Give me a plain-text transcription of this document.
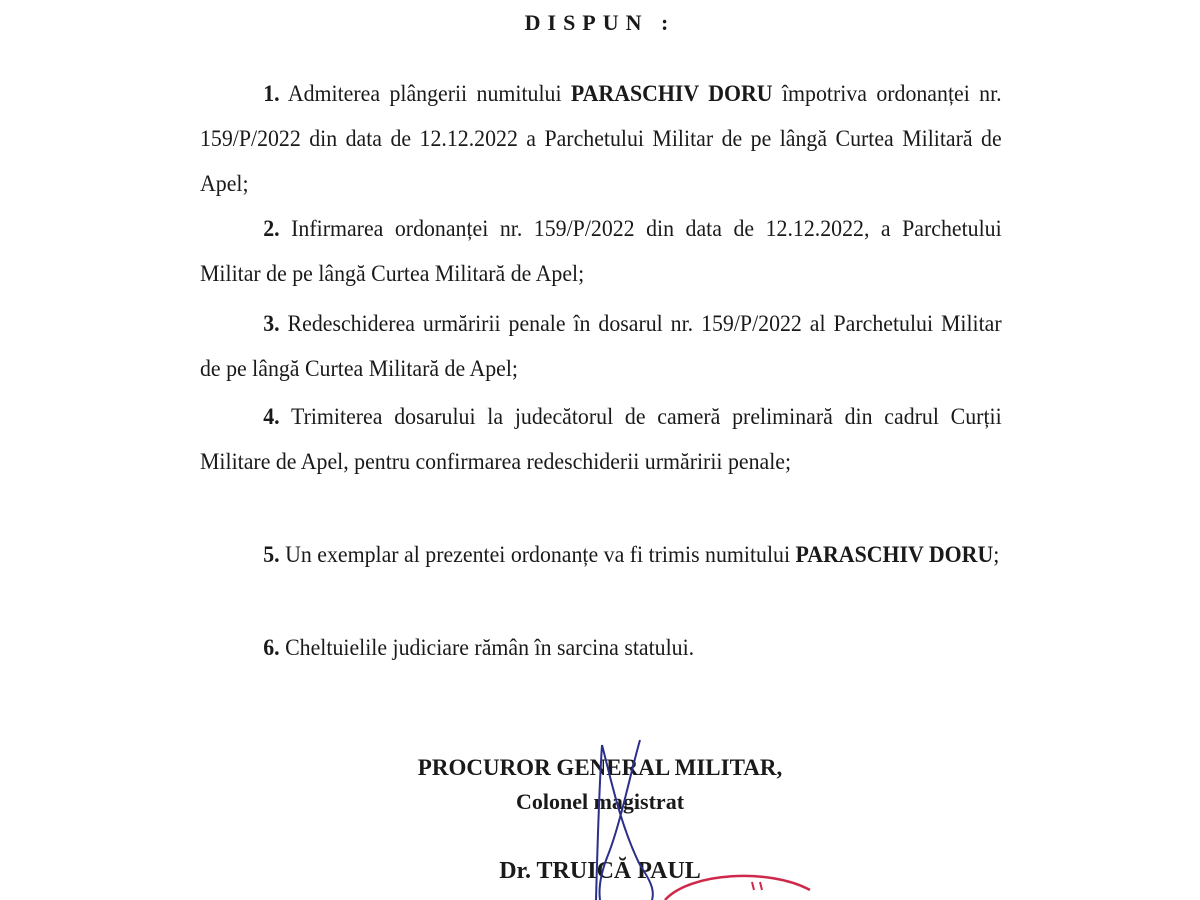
DISPUN :
1. Admiterea plângerii numitului PARASCHIV DORU împotriva ordonanței nr. 159/P/2022 din data de 12.12.2022 a Parchetului Militar de pe lângă Curtea Militară de Apel;
2. Infirmarea ordonanței nr. 159/P/2022 din data de 12.12.2022, a Parchetului Militar de pe lângă Curtea Militară de Apel;
3. Redeschiderea urmăririi penale în dosarul nr. 159/P/2022 al Parchetului Militar de pe lângă Curtea Militară de Apel;
4. Trimiterea dosarului la judecătorul de cameră preliminară din cadrul Curții Militare de Apel, pentru confirmarea redeschiderii urmăririi penale;
5. Un exemplar al prezentei ordonanțe va fi trimis numitului PARASCHIV DORU;
6. Cheltuielile judiciare rămân în sarcina statului.
PROCUROR GENERAL MILITAR,
Colonel magistrat
Dr. TRUICĂ PAUL
